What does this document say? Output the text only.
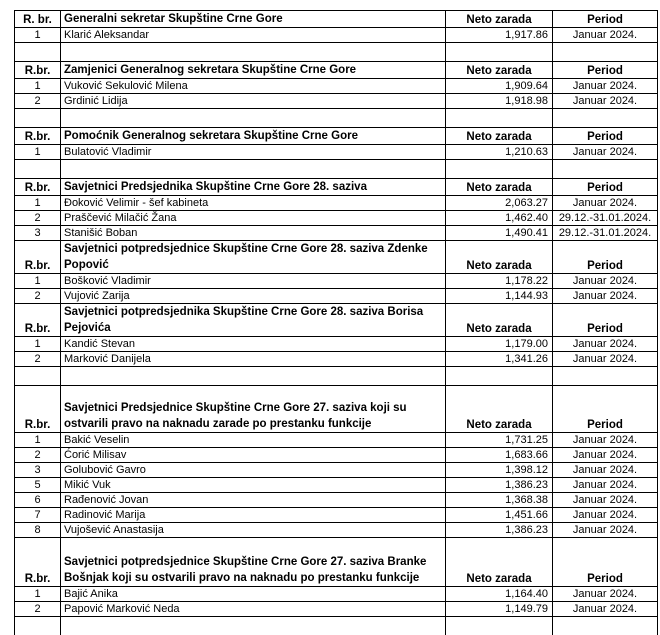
R. br.	Generalni sekretar Skupštine Crne Gore	Neto zarada	Period
1	Klarić Aleksandar	1,917.86	Januar 2024.

R.br.	Zamjenici Generalnog sekretara Skupštine Crne Gore	Neto zarada	Period
1	Vuković Sekulović Milena	1,909.64	Januar 2024.
2	Grdinić Lidija	1,918.98	Januar 2024.

R.br.	Pomoćnik Generalnog sekretara Skupštine Crne Gore	Neto zarada	Period
1	Bulatović Vladimir	1,210.63	Januar 2024.

R.br.	Savjetnici Predsjednika Skupštine Crne Gore 28. saziva	Neto zarada	Period
1	Đoković Velimir - šef kabineta	2,063.27	Januar 2024.
2	Praščević Milačić Žana	1,462.40	29.12.-31.01.2024.
3	Stanišić Boban	1,490.41	29.12.-31.01.2024.
R.br.	Savjetnici potpredsjednice Skupštine Crne Gore 28. saziva Zdenke Popović	Neto zarada	Period
1	Bošković Vladimir	1,178.22	Januar 2024.
2	Vujović Zarija	1,144.93	Januar 2024.
R.br.	Savjetnici potpredsjednika Skupštine Crne Gore 28. saziva Borisa Pejovića	Neto zarada	Period
1	Kandić Stevan	1,179.00	Januar 2024.
2	Marković Danijela	1,341.26	Januar 2024.

R.br.	Savjetnici Predsjednice Skupštine Crne Gore 27. saziva koji su ostvarili pravo na naknadu zarade po prestanku funkcije	Neto zarada	Period
1	Bakić Veselin	1,731.25	Januar 2024.
2	Ćorić Milisav	1,683.66	Januar 2024.
3	Golubović Gavro	1,398.12	Januar 2024.
5	Mikić Vuk	1,386.23	Januar 2024.
6	Rađenović Jovan	1,368.38	Januar 2024.
7	Radinović Marija	1,451.66	Januar 2024.
8	Vujošević Anastasija	1,386.23	Januar 2024.
R.br.	Savjetnici potpredsjednice Skupštine Crne Gore 27. saziva Branke Bošnjak koji su ostvarili pravo na naknadu po prestanku funkcije	Neto zarada	Period
1	Bajić Anika	1,164.40	Januar 2024.
2	Papović Marković Neda	1,149.79	Januar 2024.
